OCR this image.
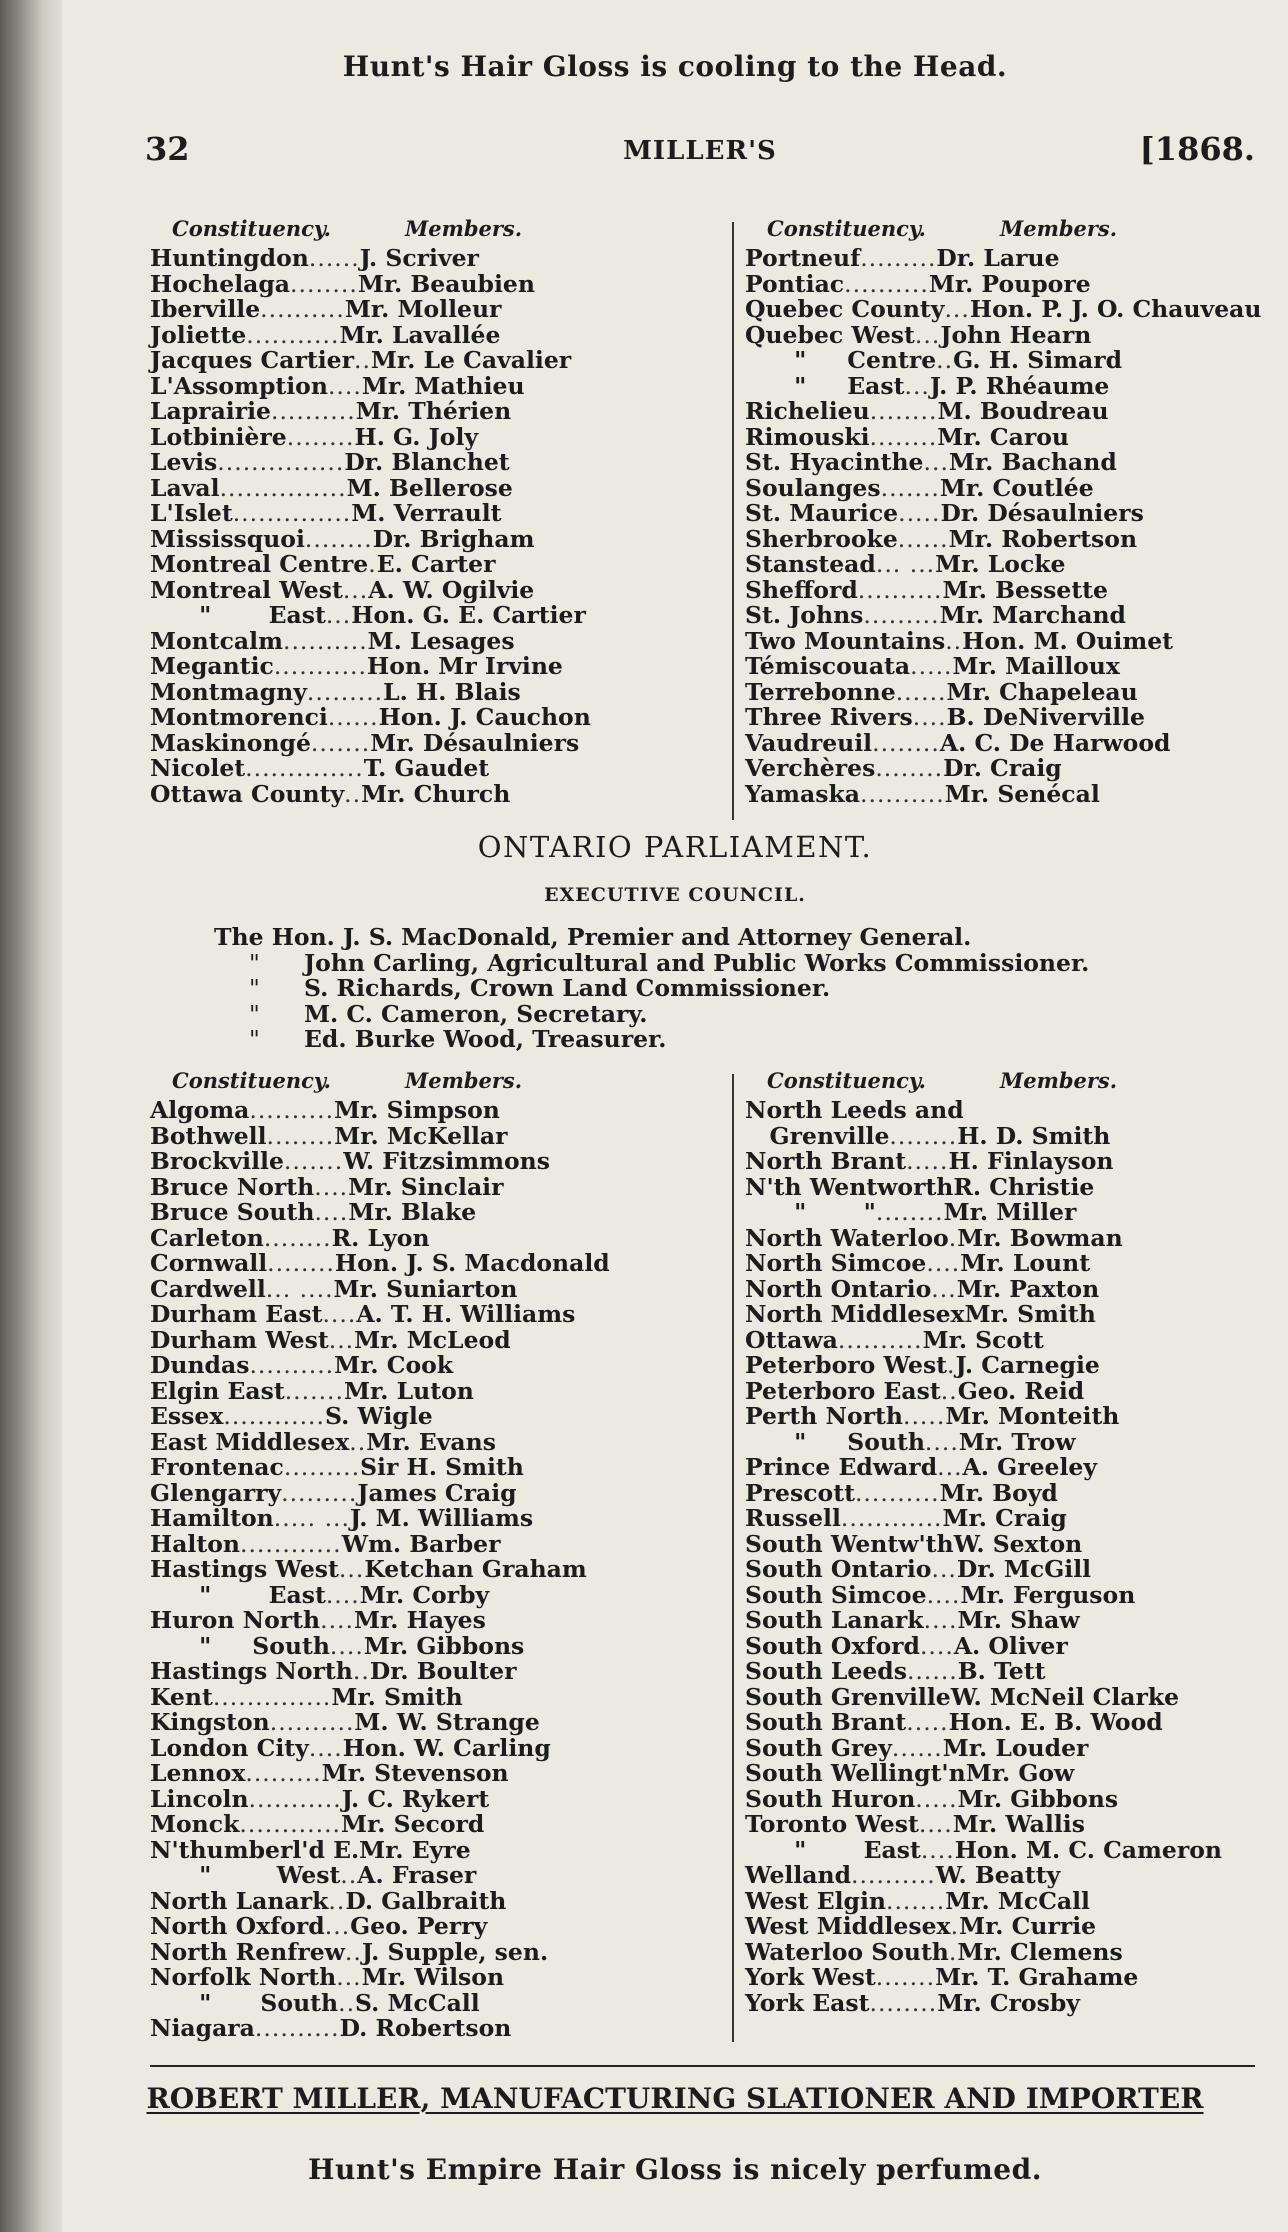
Hunt's Hair Gloss is cooling to the Head.
32	MILLER'S	[1868.
Constituency.	Members.
Huntingdon ...... J. Scriver
Hochelaga ........ Mr. Beaubien
Iberville .......... Mr. Molleur
Joliette ........... Mr. Lavallée
Jacques Cartier .. Mr. Le Cavalier
L'Assomption .... Mr. Mathieu
Laprairie .......... Mr. Thérien
Lotbinière ........ H. G. Joly
Levis ............... Dr. Blanchet
Laval ............... M. Bellerose
L'Islet .............. M. Verrault
Mississquoi ........ Dr. Brigham
Montreal Centre . E. Carter
Montreal West ... A. W. Ogilvie
"       East ... Hon. G. E. Cartier
Montcalm .......... M. Lesages
Megantic ........... Hon. Mr Irvine
Montmagny ......... L. H. Blais
Montmorenci ...... Hon. J. Cauchon
Maskinongé ....... Mr. Désaulniers
Nicolet .............. T. Gaudet
Ottawa County .. Mr. Church
Constituency.	Members.
Portneuf ......... Dr. Larue
Pontiac .......... Mr. Poupore
Quebec County ... Hon. P. J. O. Chauveau
Quebec West ... John Hearn
"     Centre .. G. H. Simard
"     East ... J. P. Rhéaume
Richelieu ........ M. Boudreau
Rimouski ........ Mr. Carou
St. Hyacinthe ... Mr. Bachand
Soulanges ....... Mr. Coutlée
St. Maurice ..... Dr. Désaulniers
Sherbrooke ...... Mr. Robertson
Stanstead ... ... Mr. Locke
Shefford .......... Mr. Bessette
St. Johns ......... Mr. Marchand
Two Mountains .. Hon. M. Ouimet
Témiscouata ..... Mr. Mailloux
Terrebonne ...... Mr. Chapeleau
Three Rivers .... B. DeNiverville
Vaudreuil ........ A. C. De Harwood
Verchères ........ Dr. Craig
Yamaska .......... Mr. Senécal
ONTARIO PARLIAMENT.
EXECUTIVE COUNCIL.
The Hon. J. S. MacDonald, Premier and Attorney General.
" John Carling, Agricultural and Public Works Commissioner.
" S. Richards, Crown Land Commissioner.
" M. C. Cameron, Secretary.
" Ed. Burke Wood, Treasurer.
Constituency.	Members.
Algoma .......... Mr. Simpson
Bothwell ........ Mr. McKellar
Brockville ....... W. Fitzsimmons
Bruce North .... Mr. Sinclair
Bruce South .... Mr. Blake
Carleton ........ R. Lyon
Cornwall ........ Hon. J. S. Macdonald
Cardwell ... .... Mr. Suniarton
Durham East .... A. T. H. Williams
Durham West ... Mr. McLeod
Dundas .......... Mr. Cook
Elgin East ....... Mr. Luton
Essex ............ S. Wigle
East Middlesex .. Mr. Evans
Frontenac ......... Sir H. Smith
Glengarry ......... James Craig
Hamilton ..... ... J. M. Williams
Halton ............ Wm. Barber
Hastings West ... Ketchan Graham
"       East .... Mr. Corby
Huron North .... Mr. Hayes
"     South .... Mr. Gibbons
Hastings North .. Dr. Boulter
Kent .............. Mr. Smith
Kingston .......... M. W. Strange
London City .... Hon. W. Carling
Lennox ......... Mr. Stevenson
Lincoln ........... J. C. Rykert
Monck ............ Mr. Secord
N'thumberl'd E. Mr. Eyre
"        West .. A. Fraser
North Lanark .. D. Galbraith
North Oxford ... Geo. Perry
North Renfrew .. J. Supple, sen.
Norfolk North ... Mr. Wilson
"      South .. S. McCall
Niagara .......... D. Robertson
Constituency.	Members.
North Leeds and
Grenville ........ H. D. Smith
North Brant ..... H. Finlayson
N'th Wentworth R. Christie
"       " ........ Mr. Miller
North Waterloo . Mr. Bowman
North Simcoe .... Mr. Lount
North Ontario ... Mr. Paxton
North Middlesex Mr. Smith
Ottawa .......... Mr. Scott
Peterboro West . J. Carnegie
Peterboro East .. Geo. Reid
Perth North ..... Mr. Monteith
"     South .... Mr. Trow
Prince Edward ... A. Greeley
Prescott .......... Mr. Boyd
Russell ............ Mr. Craig
South Wentw'th W. Sexton
South Ontario ... Dr. McGill
South Simcoe .... Mr. Ferguson
South Lanark .... Mr. Shaw
South Oxford .... A. Oliver
South Leeds ...... B. Tett
South Grenville W. McNeil Clarke
South Brant ..... Hon. E. B. Wood
South Grey ...... Mr. Louder
South Wellingt'n Mr. Gow
South Huron ..... Mr. Gibbons
Toronto West .... Mr. Wallis
"       East .... Hon. M. C. Cameron
Welland .......... W. Beatty
West Elgin ....... Mr. McCall
West Middlesex . Mr. Currie
Waterloo South . Mr. Clemens
York West ....... Mr. T. Grahame
York East ........ Mr. Crosby
ROBERT MILLER, MANUFACTURING SLATIONER AND IMPORTER
Hunt's Empire Hair Gloss is nicely perfumed.
